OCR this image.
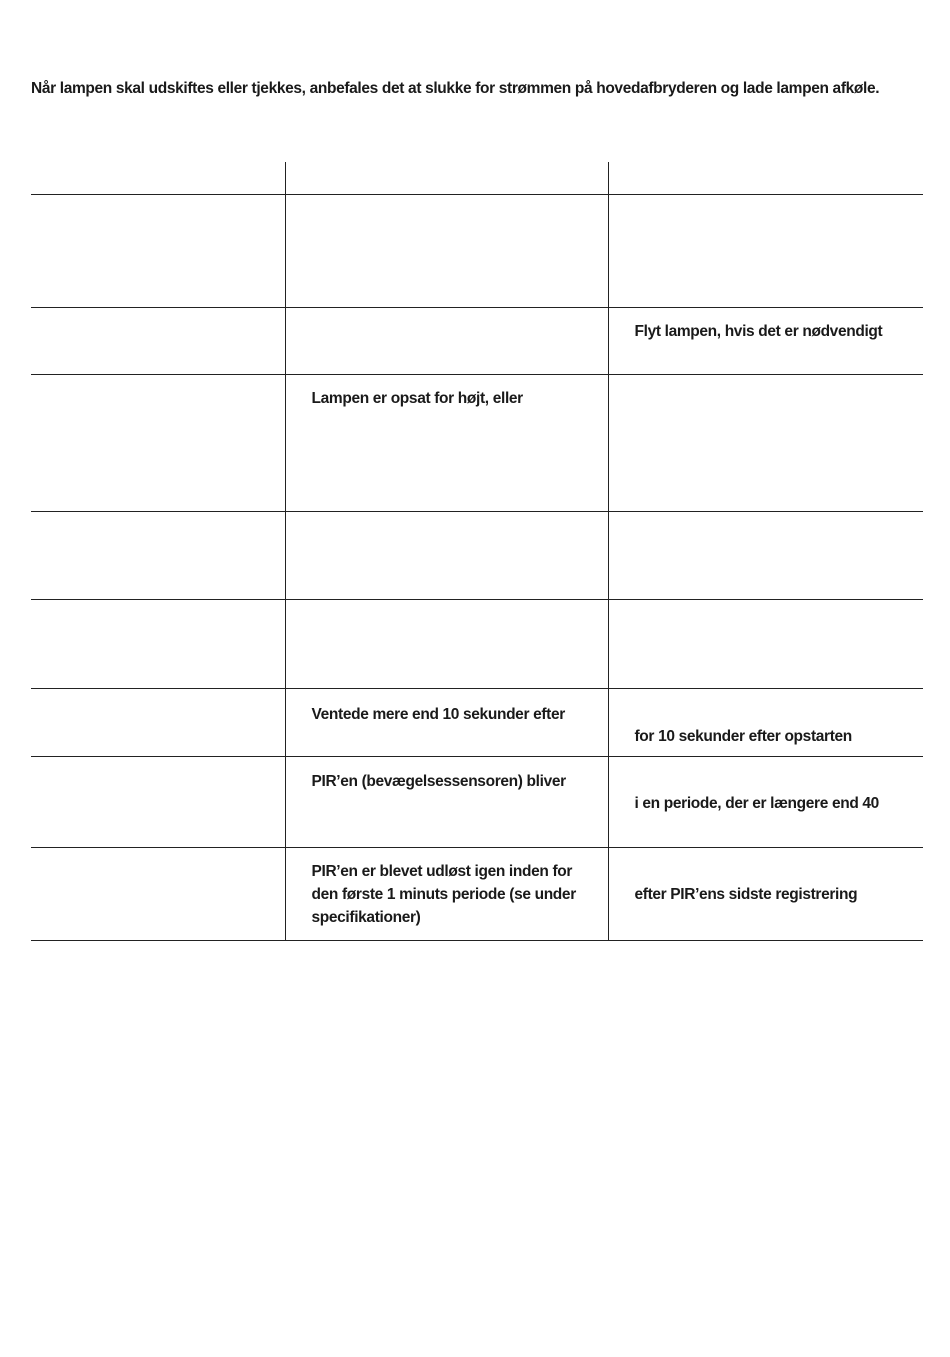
Når lampen skal udskiftes eller tjekkes, anbefales det at slukke for strømmen på hovedafbryderen og lade lampen afkøle.

		Flyt lampen, hvis det er nødvendigt

	Lampen er opsat for højt, eller	

	Ventede mere end 10 sekunder efter	for 10 sekunder efter opstarten

	PIR’en (bevægelsessensoren) bliver	i en periode, der er længere end 40

	PIR’en er blevet udløst igen inden for den første 1 minuts periode (se under specifikationer)	efter PIR’ens sidste registrering
